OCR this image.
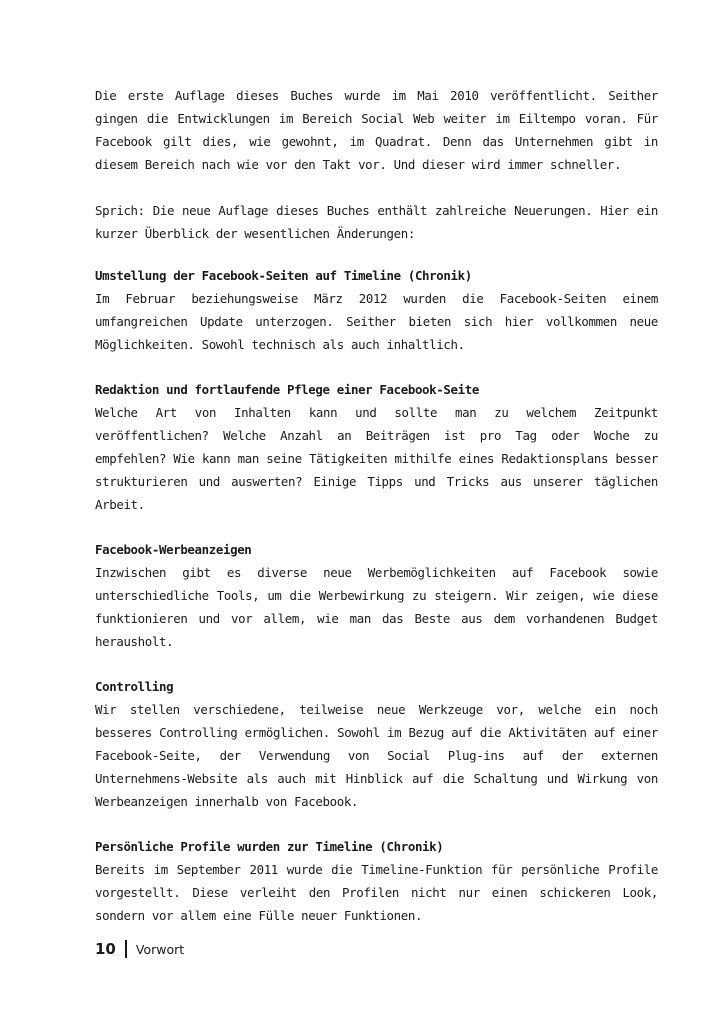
Die erste Auflage dieses Buches wurde im Mai 2010 veröffentlicht. Seither gingen die Entwicklungen im Bereich Social Web weiter im Eiltempo voran. Für Facebook gilt dies, wie gewohnt, im Quadrat. Denn das Unternehmen gibt in diesem Bereich nach wie vor den Takt vor. Und dieser wird immer schneller.

Sprich: Die neue Auflage dieses Buches enthält zahlreiche Neuerungen. Hier ein kurzer Überblick der wesentlichen Änderungen:

Umstellung der Facebook-Seiten auf Timeline (Chronik)

Im Februar beziehungsweise März 2012 wurden die Facebook-Seiten einem umfangreichen Update unterzogen. Seither bieten sich hier vollkommen neue Möglichkeiten. Sowohl technisch als auch inhaltlich.

Redaktion und fortlaufende Pflege einer Facebook-Seite

Welche Art von Inhalten kann und sollte man zu welchem Zeitpunkt veröffentlichen? Welche Anzahl an Beiträgen ist pro Tag oder Woche zu empfehlen? Wie kann man seine Tätigkeiten mithilfe eines Redaktionsplans besser strukturieren und auswerten? Einige Tipps und Tricks aus unserer täglichen Arbeit.

Facebook-Werbeanzeigen

Inzwischen gibt es diverse neue Werbemöglichkeiten auf Facebook sowie unterschiedliche Tools, um die Werbewirkung zu steigern. Wir zeigen, wie diese funktionieren und vor allem, wie man das Beste aus dem vorhandenen Budget herausholt.

Controlling

Wir stellen verschiedene, teilweise neue Werkzeuge vor, welche ein noch besseres Controlling ermöglichen. Sowohl im Bezug auf die Aktivitäten auf einer Facebook-Seite, der Verwendung von Social Plug-ins auf der externen Unternehmens-Website als auch mit Hinblick auf die Schaltung und Wirkung von Werbeanzeigen innerhalb von Facebook.

Persönliche Profile wurden zur Timeline (Chronik)

Bereits im September 2011 wurde die Timeline-Funktion für persönliche Profile vorgestellt. Diese verleiht den Profilen nicht nur einen schickeren Look, sondern vor allem eine Fülle neuer Funktionen.

10 Vorwort
